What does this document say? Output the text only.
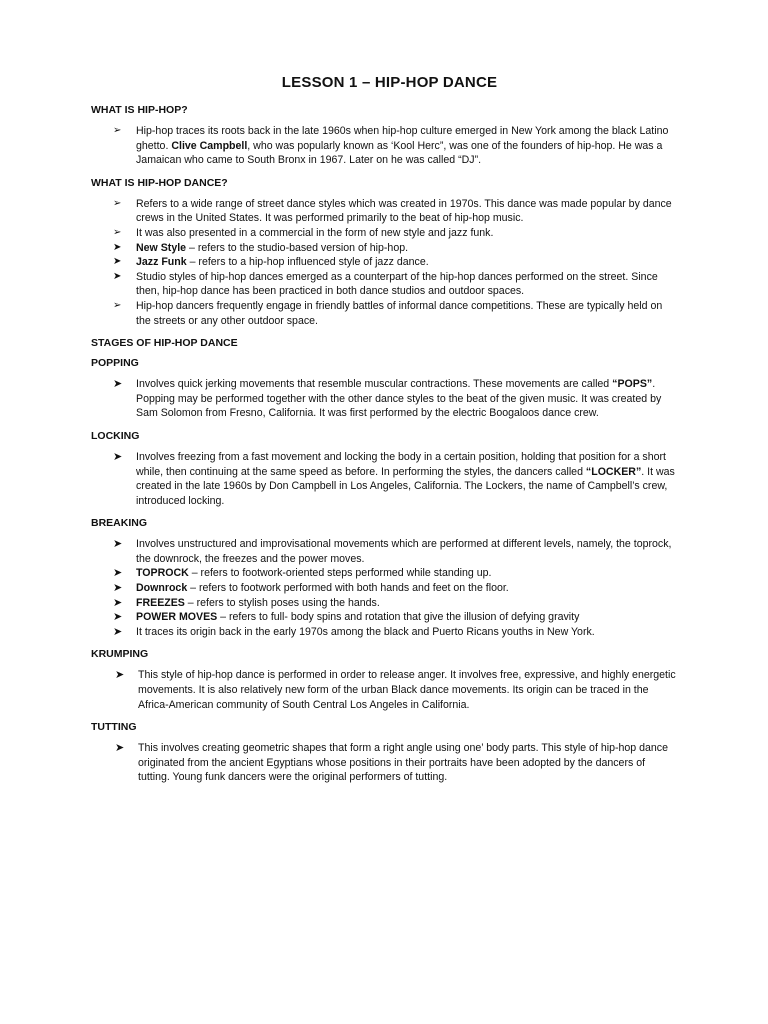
LESSON 1 – HIP-HOP DANCE
WHAT IS HIP-HOP?
➢ Hip-hop traces its roots back in the late 1960s when hip-hop culture emerged in New York among the black Latino ghetto. Clive Campbell, who was popularly known as ‘Kool Herc”, was one of the founders of hip-hop. He was a Jamaican who came to South Bronx in 1967. Later on he was called “DJ”.
WHAT IS HIP-HOP DANCE?
➢ Refers to a wide range of street dance styles which was created in 1970s. This dance was made popular by dance crews in the United States. It was performed primarily to the beat of hip-hop music.
➢ It was also presented in a commercial in the form of new style and jazz funk.
➤ New Style – refers to the studio-based version of hip-hop.
➤ Jazz Funk – refers to a hip-hop influenced style of jazz dance.
➤ Studio styles of hip-hop dances emerged as a counterpart of the hip-hop dances performed on the street. Since then, hip-hop dance has been practiced in both dance studios and outdoor spaces.
➢ Hip-hop dancers frequently engage in friendly battles of informal dance competitions. These are typically held on the streets or any other outdoor space.
STAGES OF HIP-HOP DANCE
POPPING
➤ Involves quick jerking movements that resemble muscular contractions. These movements are called “POPS”. Popping may be performed together with the other dance styles to the beat of the given music. It was created by Sam Solomon from Fresno, California. It was first performed by the electric Boogaloos dance crew.
LOCKING
➤ Involves freezing from a fast movement and locking the body in a certain position, holding that position for a short while, then continuing at the same speed as before. In performing the styles, the dancers called “LOCKER”. It was created in the late 1960s by Don Campbell in Los Angeles, California. The Lockers, the name of Campbell’s crew, introduced locking.
BREAKING
➤ Involves unstructured and improvisational movements which are performed at different levels, namely, the toprock, the downrock, the freezes and the power moves.
➤ TOPROCK – refers to footwork-oriented steps performed while standing up.
➤ Downrock – refers to footwork performed with both hands and feet on the floor.
➤ FREEZES – refers to stylish poses using the hands.
➤ POWER MOVES – refers to full- body spins and rotation that give the illusion of defying gravity
➤ It traces its origin back in the early 1970s among the black and Puerto Ricans youths in New York.
KRUMPING
➤ This style of hip-hop dance is performed in order to release anger. It involves free, expressive, and highly energetic movements. It is also relatively new form of the urban Black dance movements. Its origin can be traced in the Africa-American community of South Central Los Angeles in California.
TUTTING
➤ This involves creating geometric shapes that form a right angle using one’ body parts. This style of hip-hop dance originated from the ancient Egyptians whose positions in their portraits have been adopted by the dancers of tutting. Young funk dancers were the original performers of tutting.
